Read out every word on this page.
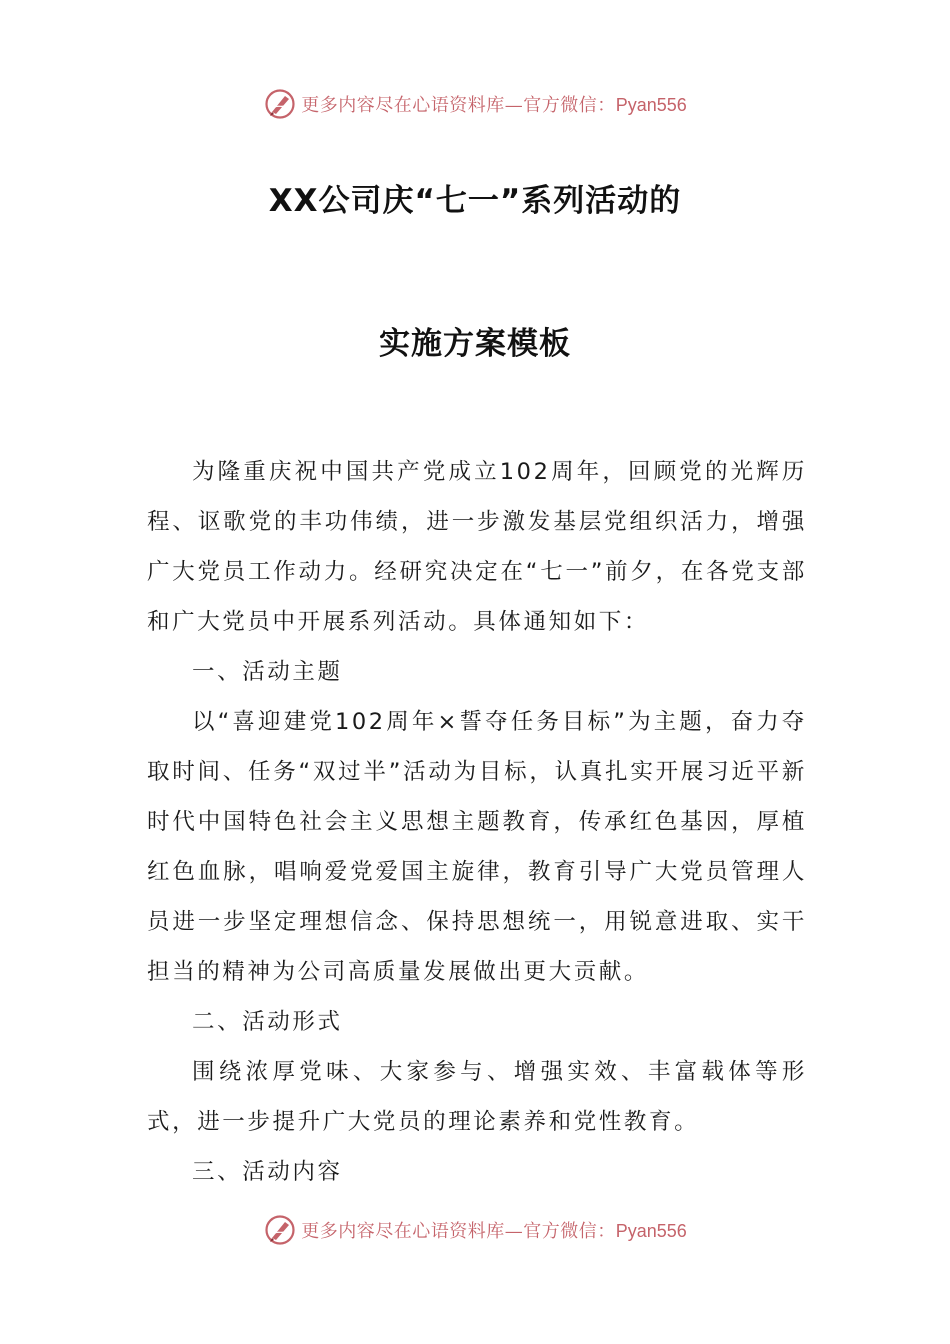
更多内容尽在心语资料库—官方微信：Pyan556
XX公司庆“七一”系列活动的
实施方案模板

为隆重庆祝中国共产党成立102周年，回顾党的光辉历程、讴歌党的丰功伟绩，进一步激发基层党组织活力，增强广大党员工作动力。经研究决定在“七一”前夕，在各党支部和广大党员中开展系列活动。具体通知如下：

一、活动主题

以“喜迎建党102周年×誓夺任务目标”为主题，奋力夺取时间、任务“双过半”活动为目标，认真扎实开展习近平新时代中国特色社会主义思想主题教育，传承红色基因，厚植红色血脉，唱响爱党爱国主旋律，教育引导广大党员管理人员进一步坚定理想信念、保持思想统一，用锐意进取、实干担当的精神为公司高质量发展做出更大贡献。

二、活动形式

围绕浓厚党味、大家参与、增强实效、丰富载体等形式，进一步提升广大党员的理论素养和党性教育。

三、活动内容

更多内容尽在心语资料库—官方微信：Pyan556
